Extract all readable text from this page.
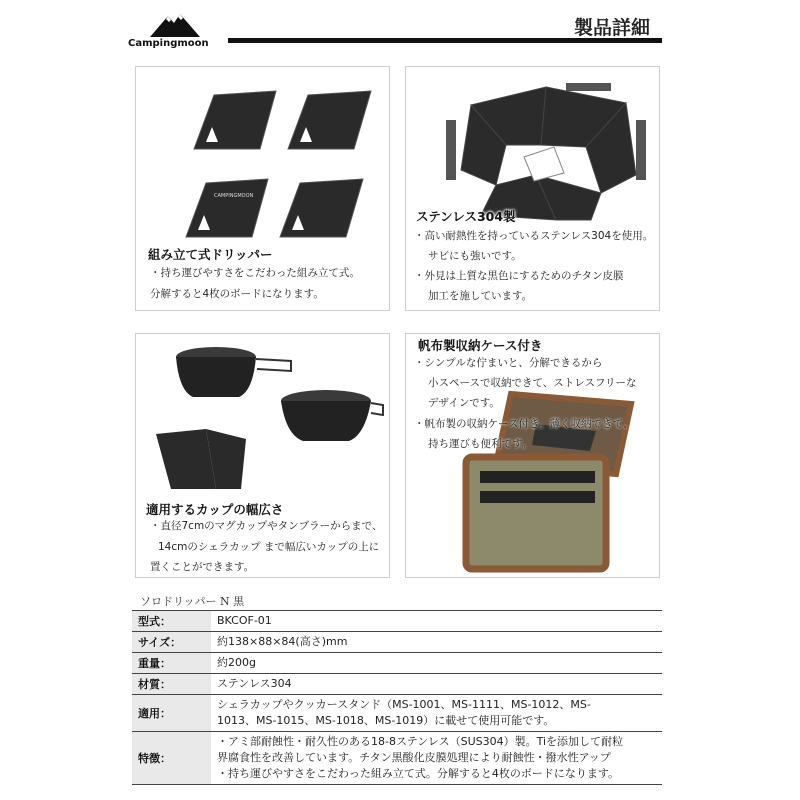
Campingmoon
製品詳細
CAMPINGMOON
組み立て式ドリッパー
・持ち運びやすさをこだわった組み立て式。
分解すると4枚のボードになります。
ステンレス304製
・高い耐熱性を持っているステンレス304を使用。
サビにも強いです。
・外見は上質な黒色にするためのチタン皮膜
加工を施しています。
適用するカップの幅広さ
・直径7cmのマグカップやタンブラーからまで、
14cmのシェラカップ まで幅広いカップの上に
置くことができます。
帆布製収納ケース付き
・シンプルな佇まいと、分解できるから
小スペースで収納できて、ストレスフリーな
デザインです。
・帆布製の収納ケース付き。薄く収納できて、
持ち運びも便利です。
ソロドリッパー N 黒
型式：	BKCOF-01
サイズ：	約138×88×84(高さ)mm
重量：	約200g
材質：	ステンレス304
適用：
シェラカップやクッカースタンド（MS-1001、MS-1111、MS-1012、MS-
1013、MS-1015、MS-1018、MS-1019）に載せて使用可能です。
特徴：
・アミ部耐蝕性・耐久性のある18-8ステンレス（SUS304）製。Tiを添加して耐粒
界腐食性を改善しています。チタン黒酸化皮膜処理により耐蝕性・撥水性アップ
・持ち運びやすさをこだわった組み立て式。分解すると4枚のボードになります。
